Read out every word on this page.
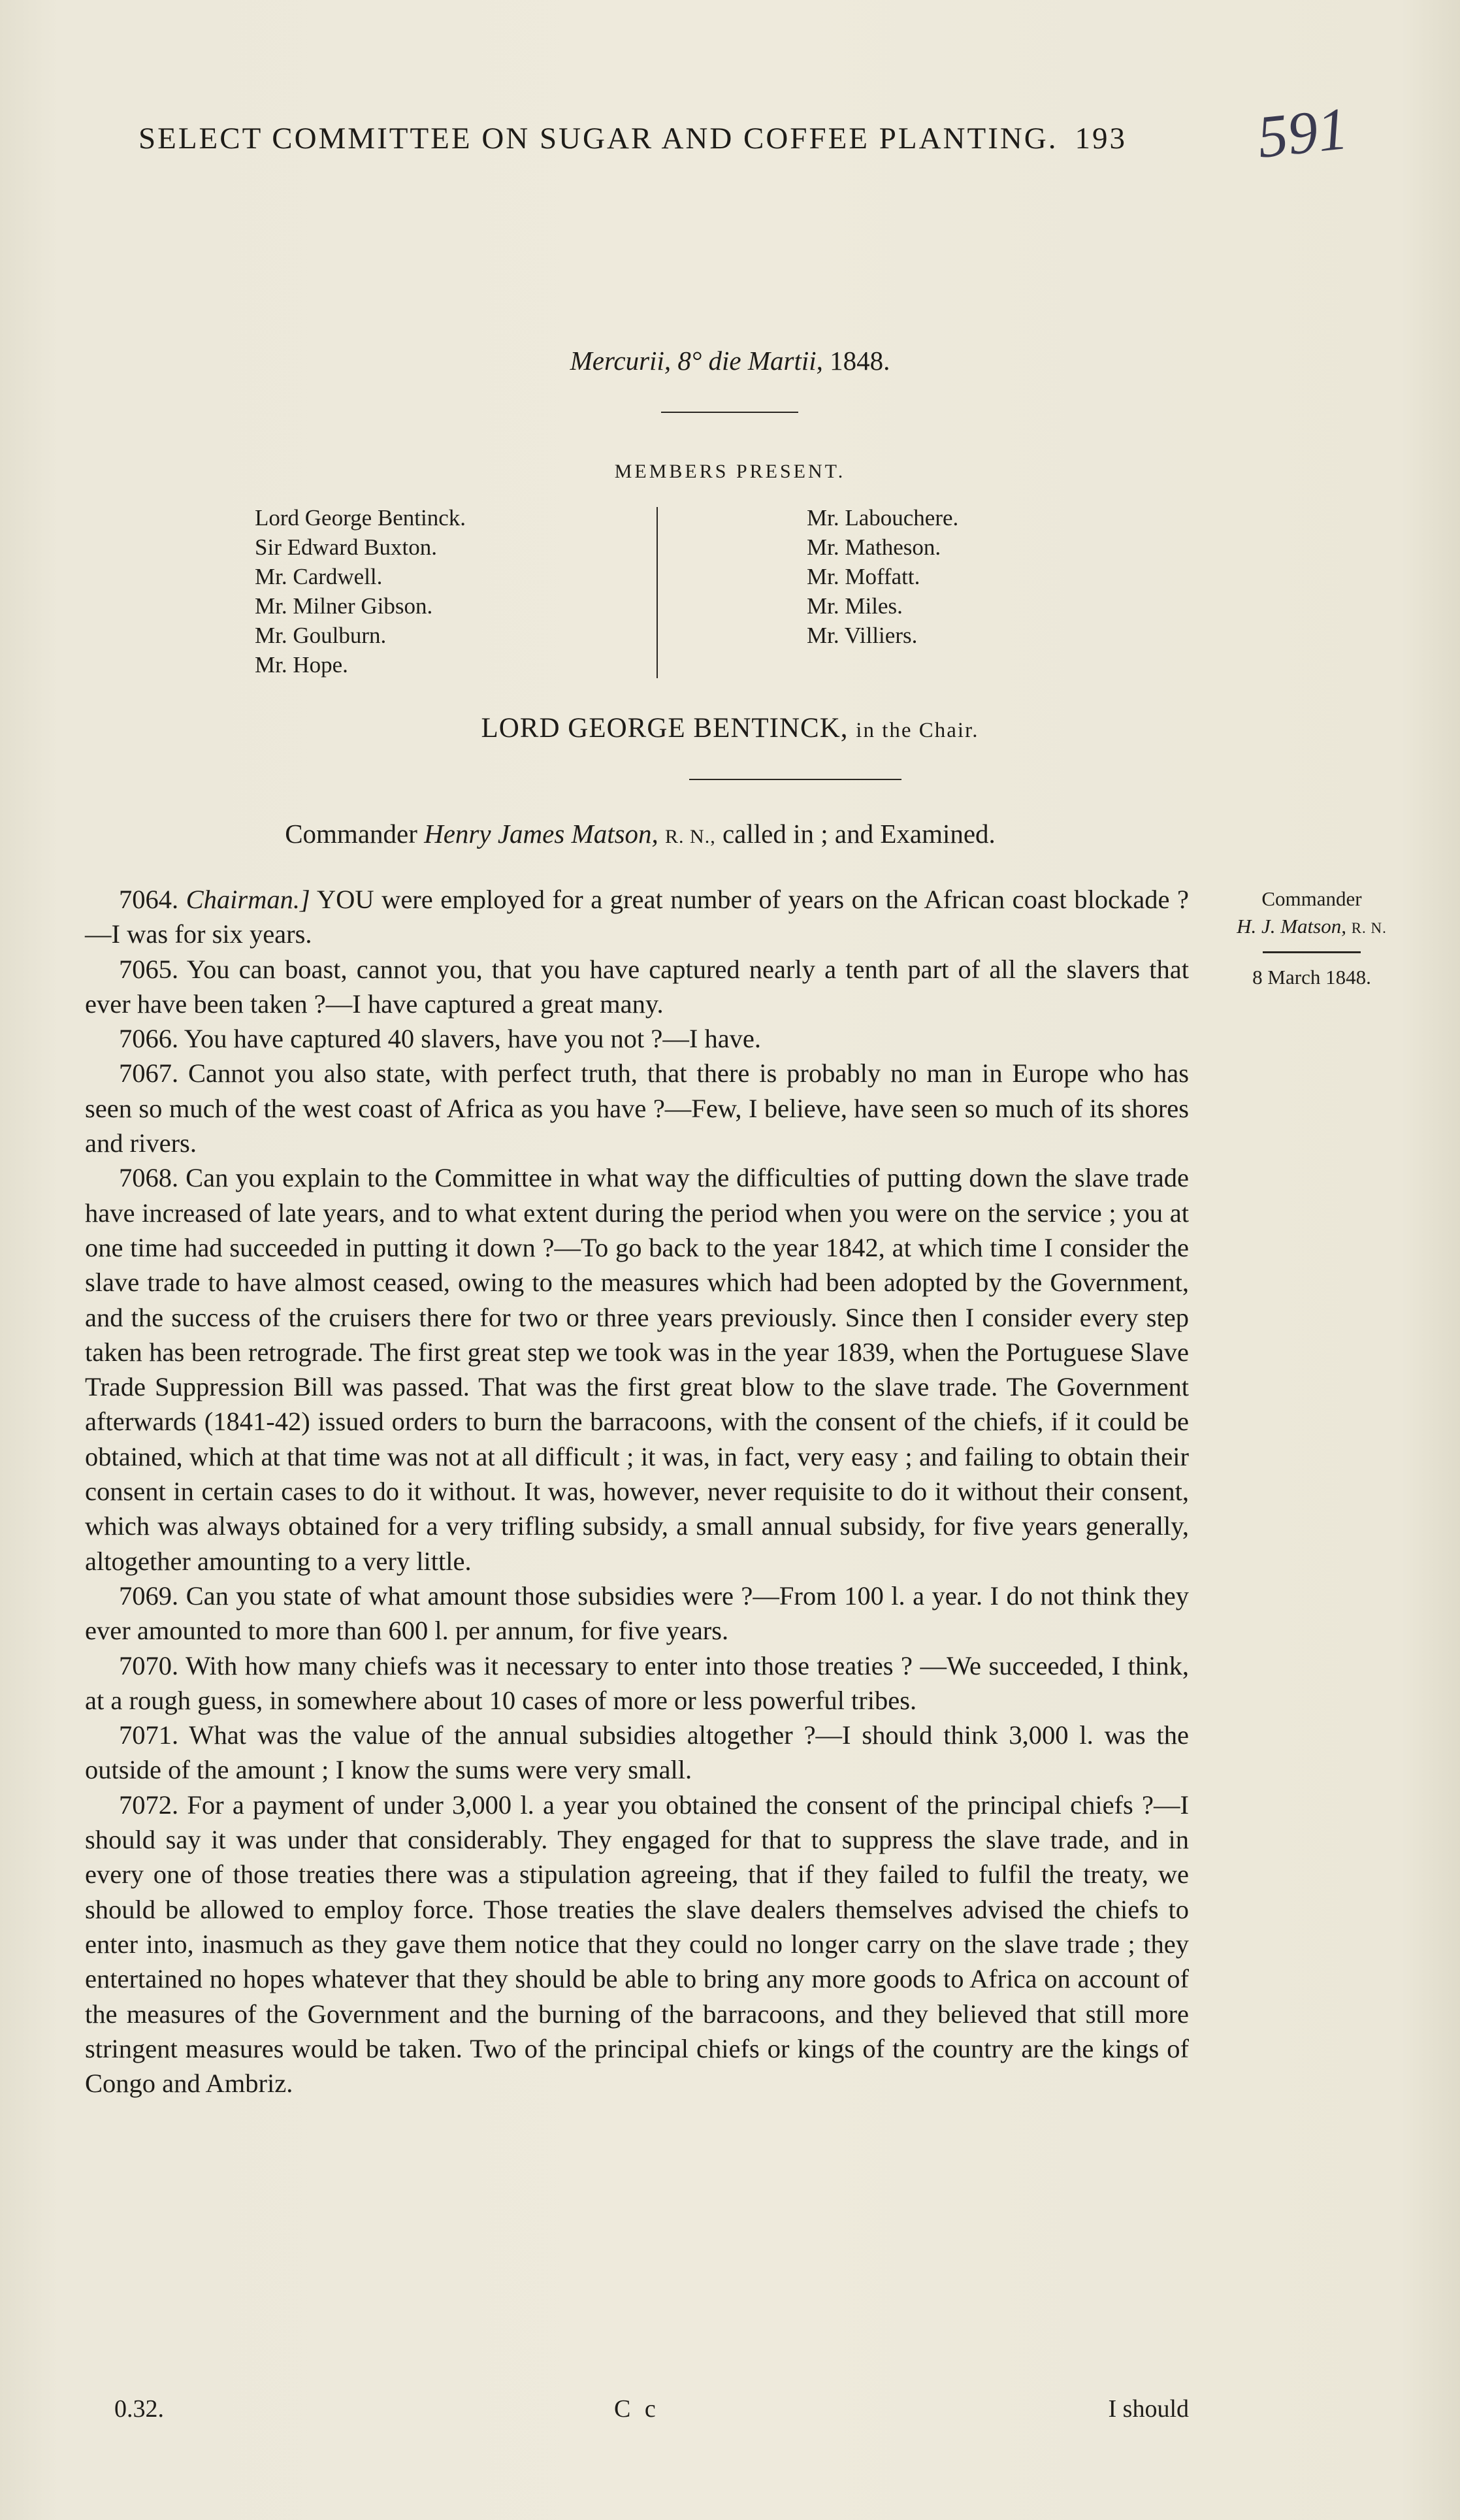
SELECT COMMITTEE ON SUGAR AND COFFEE PLANTING. 193	591
Mercurii, 8° die Martii, 1848.
MEMBERS PRESENT.
Lord George Bentinck.
Sir Edward Buxton.
Mr. Cardwell.
Mr. Milner Gibson.
Mr. Goulburn.
Mr. Hope.
Mr. Labouchere.
Mr. Matheson.
Mr. Moffatt.
Mr. Miles.
Mr. Villiers.
LORD GEORGE BENTINCK, in the Chair.
Commander Henry James Matson, R. N., called in ; and Examined.
Commander
H. J. Matson, R. N.
8 March 1848.

7064. Chairman.] YOU were employed for a great number of years on the African coast blockade ?—I was for six years.

7065. You can boast, cannot you, that you have captured nearly a tenth part of all the slavers that ever have been taken ?—I have captured a great many.

7066. You have captured 40 slavers, have you not ?—I have.

7067. Cannot you also state, with perfect truth, that there is probably no man in Europe who has seen so much of the west coast of Africa as you have ?—Few, I believe, have seen so much of its shores and rivers.

7068. Can you explain to the Committee in what way the difficulties of putting down the slave trade have increased of late years, and to what extent during the period when you were on the service ; you at one time had succeeded in putting it down ?—To go back to the year 1842, at which time I consider the slave trade to have almost ceased, owing to the measures which had been adopted by the Government, and the success of the cruisers there for two or three years previously. Since then I consider every step taken has been retrograde. The first great step we took was in the year 1839, when the Portuguese Slave Trade Suppression Bill was passed. That was the first great blow to the slave trade. The Government afterwards (1841-42) issued orders to burn the barracoons, with the consent of the chiefs, if it could be obtained, which at that time was not at all difficult ; it was, in fact, very easy ; and failing to obtain their consent in certain cases to do it without. It was, however, never requisite to do it without their consent, which was always obtained for a very trifling subsidy, a small annual subsidy, for five years generally, altogether amounting to a very little.

7069. Can you state of what amount those subsidies were ?—From 100 l. a year. I do not think they ever amounted to more than 600 l. per annum, for five years.

7070. With how many chiefs was it necessary to enter into those treaties ? —We succeeded, I think, at a rough guess, in somewhere about 10 cases of more or less powerful tribes.

7071. What was the value of the annual subsidies altogether ?—I should think 3,000 l. was the outside of the amount ; I know the sums were very small.

7072. For a payment of under 3,000 l. a year you obtained the consent of the principal chiefs ?—I should say it was under that considerably. They engaged for that to suppress the slave trade, and in every one of those treaties there was a stipulation agreeing, that if they failed to fulfil the treaty, we should be allowed to employ force. Those treaties the slave dealers themselves advised the chiefs to enter into, inasmuch as they gave them notice that they could no longer carry on the slave trade ; they entertained no hopes whatever that they should be able to bring any more goods to Africa on account of the measures of the Government and the burning of the barracoons, and they believed that still more stringent measures would be taken. Two of the principal chiefs or kings of the country are the kings of Congo and Ambriz.

0.32.	C c	I should
